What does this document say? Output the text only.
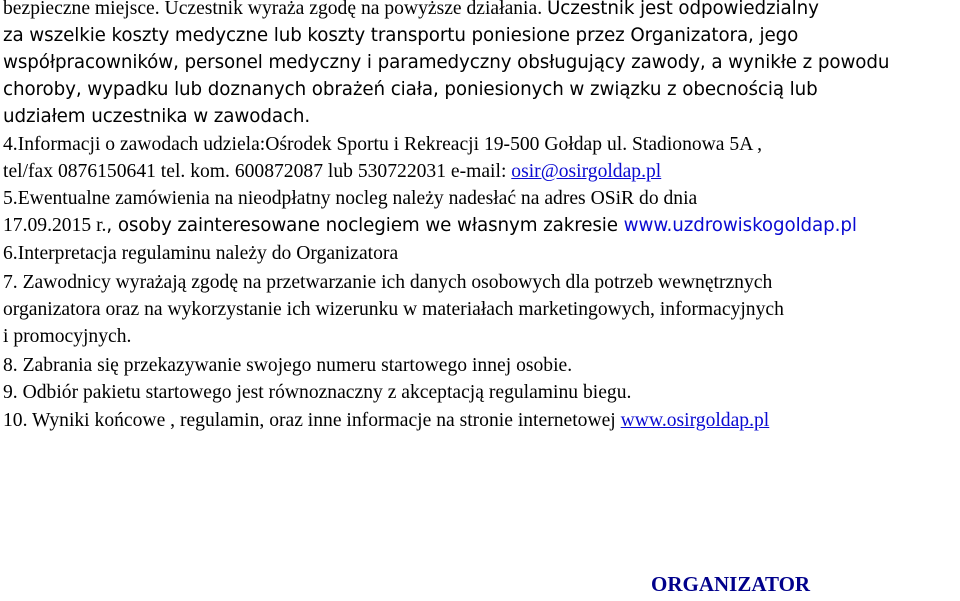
bezpieczne miejsce. Uczestnik wyraża zgodę na powyższe działania. Uczestnik jest odpowiedzialny
za wszelkie koszty medyczne lub koszty transportu poniesione przez Organizatora, jego
współpracowników, personel medyczny i paramedyczny obsługujący zawody, a wynikłe z powodu
choroby, wypadku lub doznanych obrażeń ciała, poniesionych w związku z obecnością lub
udziałem uczestnika w zawodach.
4.Informacji o zawodach udziela:Ośrodek Sportu i Rekreacji 19-500 Gołdap ul. Stadionowa 5A ,
tel/fax 0876150641 tel. kom. 600872087 lub 530722031 e-mail: osir@osirgoldap.pl
5.Ewentualne zamówienia na nieodpłatny nocleg należy nadesłać na adres OSiR do dnia
17.09.2015 r., osoby zainteresowane noclegiem we własnym zakresie www.uzdrowiskogoldap.pl
6.Interpretacja regulaminu należy do Organizatora
7. Zawodnicy wyrażają zgodę na przetwarzanie ich danych osobowych dla potrzeb wewnętrznych
organizatora oraz na wykorzystanie ich wizerunku w materiałach marketingowych, informacyjnych
i promocyjnych.
8. Zabrania się przekazywanie swojego numeru startowego innej osobie.
9. Odbiór pakietu startowego jest równoznaczny z akceptacją regulaminu biegu.
10. Wyniki końcowe , regulamin, oraz inne informacje na stronie internetowej www.osirgoldap.pl
ORGANIZATOR
